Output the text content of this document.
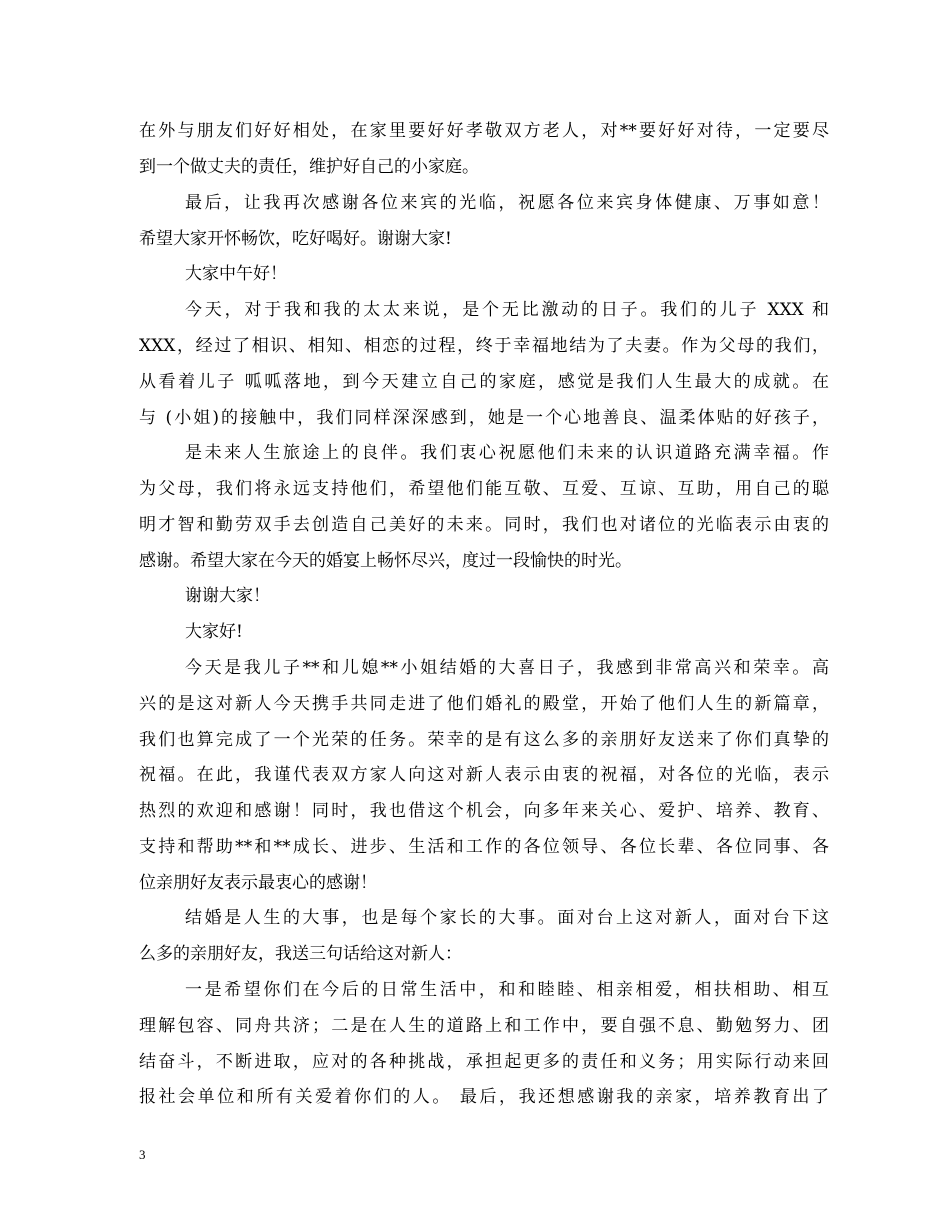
在外与朋友们好好相处，在家里要好好孝敬双方老人，对**要好好对待，一定要尽
到一个做丈夫的责任，维护好自己的小家庭。
最后，让我再次感谢各位来宾的光临，祝愿各位来宾身体健康、万事如意！
希望大家开怀畅饮，吃好喝好。谢谢大家!
大家中午好！
今天，对于我和我的太太来说，是个无比激动的日子。我们的儿子 XXX 和
XXX，经过了相识、相知、相恋的过程，终于幸福地结为了夫妻。作为父母的我们，
从看着儿子 呱呱落地，到今天建立自己的家庭，感觉是我们人生最大的成就。在
与 (小姐)的接触中，我们同样深深感到，她是一个心地善良、温柔体贴的好孩子，
是未来人生旅途上的良伴。我们衷心祝愿他们未来的认识道路充满幸福。作
为父母，我们将永远支持他们，希望他们能互敬、互爱、互谅、互助，用自己的聪
明才智和勤劳双手去创造自己美好的未来。同时，我们也对诸位的光临表示由衷的
感谢。希望大家在今天的婚宴上畅怀尽兴，度过一段愉快的时光。
谢谢大家！
大家好!
今天是我儿子**和儿媳**小姐结婚的大喜日子，我感到非常高兴和荣幸。高
兴的是这对新人今天携手共同走进了他们婚礼的殿堂，开始了他们人生的新篇章，
我们也算完成了一个光荣的任务。荣幸的是有这么多的亲朋好友送来了你们真挚的
祝福。在此，我谨代表双方家人向这对新人表示由衷的祝福，对各位的光临，表示
热烈的欢迎和感谢！同时，我也借这个机会，向多年来关心、爱护、培养、教育、
支持和帮助**和**成长、进步、生活和工作的各位领导、各位长辈、各位同事、各
位亲朋好友表示最衷心的感谢！
结婚是人生的大事，也是每个家长的大事。面对台上这对新人，面对台下这
么多的亲朋好友，我送三句话给这对新人：
一是希望你们在今后的日常生活中，和和睦睦、相亲相爱，相扶相助、相互
理解包容、同舟共济；二是在人生的道路上和工作中，要自强不息、勤勉努力、团
结奋斗，不断进取，应对的各种挑战，承担起更多的责任和义务；用实际行动来回
报社会单位和所有关爱着你们的人。 最后，我还想感谢我的亲家，培养教育出了
3
